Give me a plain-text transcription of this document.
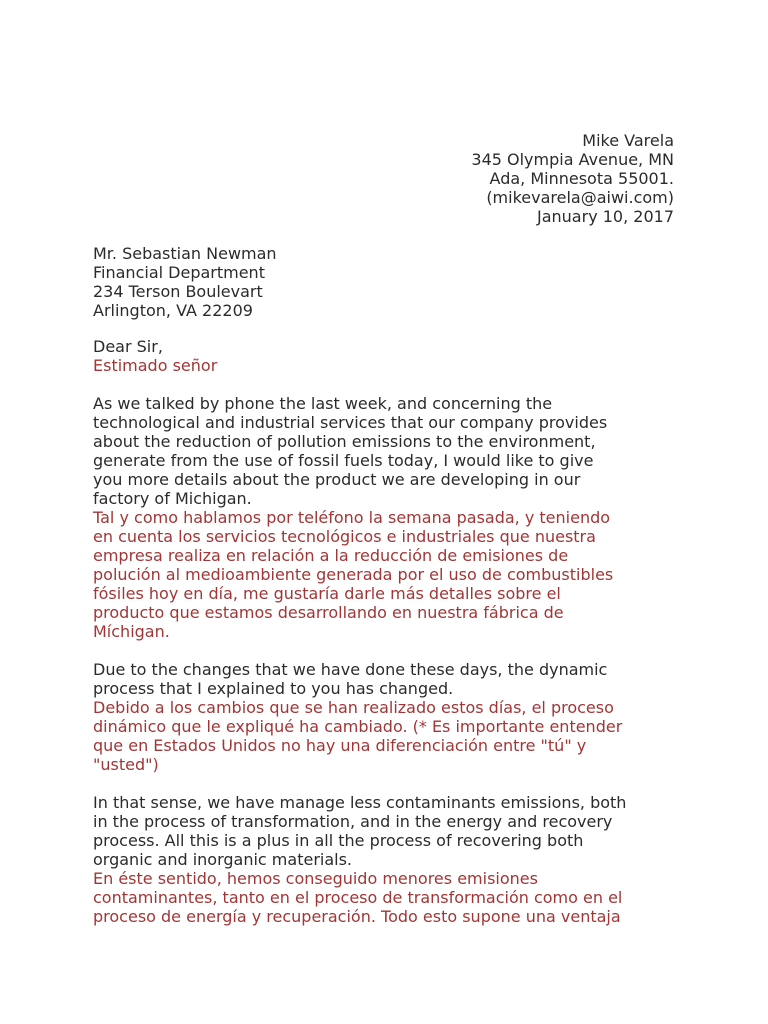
Mike Varela
345 Olympia Avenue, MN
Ada, Minnesota 55001.
(mikevarela@aiwi.com)
January 10, 2017
Mr. Sebastian Newman
Financial Department
234 Terson Boulevart
Arlington, VA 22209
Dear Sir,
Estimado señor
As we talked by phone the last week, and concerning the
technological and industrial services that our company provides
about the reduction of pollution emissions to the environment,
generate from the use of fossil fuels today, I would like to give
you more details about the product we are developing in our
factory of Michigan.
Tal y como hablamos por teléfono la semana pasada, y teniendo
en cuenta los servicios tecnológicos e industriales que nuestra
empresa realiza en relación a la reducción de emisiones de
polución al medioambiente generada por el uso de combustibles
fósiles hoy en día, me gustaría darle más detalles sobre el
producto que estamos desarrollando en nuestra fábrica de
Míchigan.
Due to the changes that we have done these days, the dynamic
process that I explained to you has changed.
Debido a los cambios que se han realizado estos días, el proceso
dinámico que le expliqué ha cambiado. (* Es importante entender
que en Estados Unidos no hay una diferenciación entre "tú" y
"usted")
In that sense, we have manage less contaminants emissions, both
in the process of transformation, and in the energy and recovery
process. All this is a plus in all the process of recovering both
organic and inorganic materials.
En éste sentido, hemos conseguido menores emisiones
contaminantes, tanto en el proceso de transformación como en el
proceso de energía y recuperación. Todo esto supone una ventaja
